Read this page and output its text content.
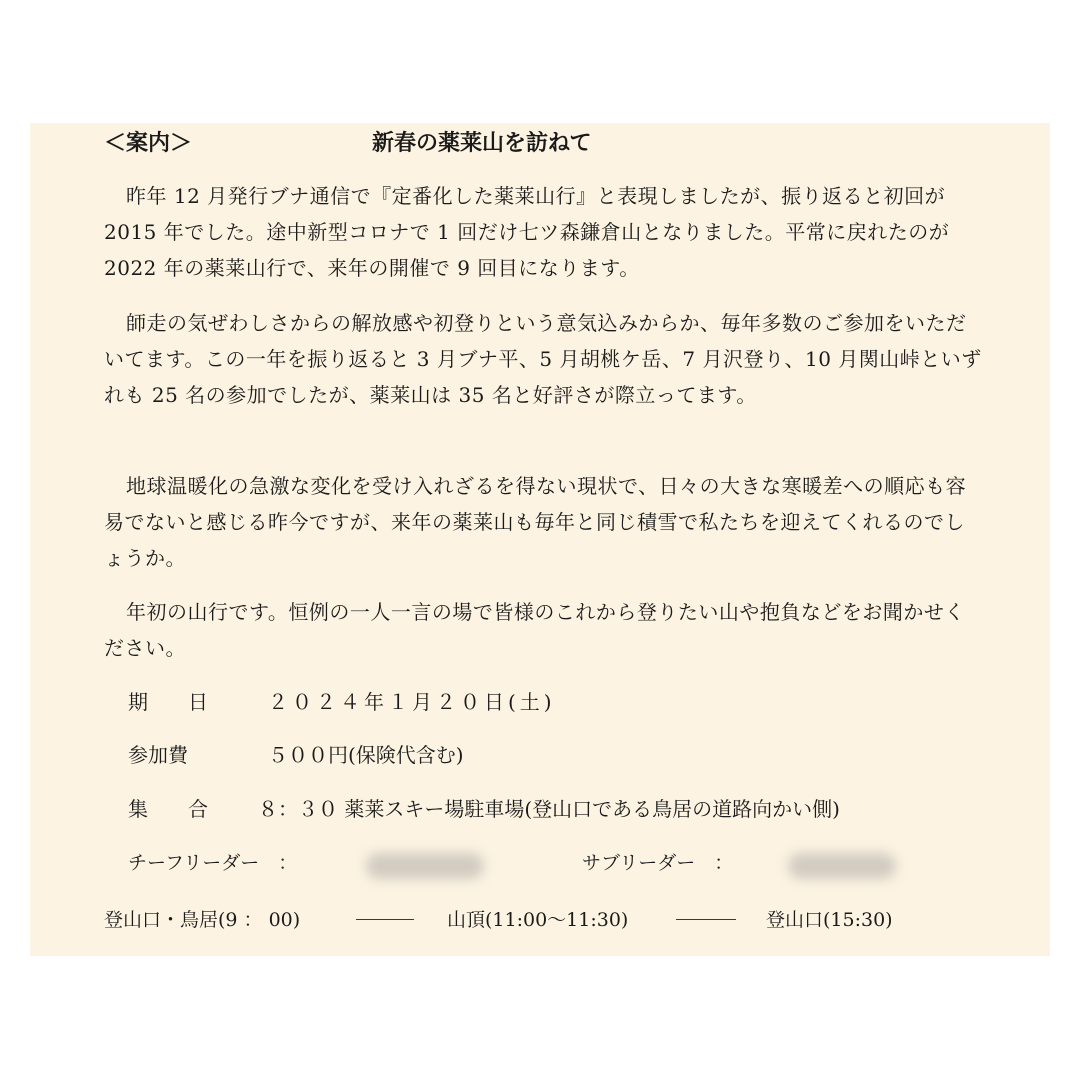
＜案内＞	新春の薬莱山を訪ねて

昨年 12 月発行ブナ通信で『定番化した薬莱山行』と表現しましたが、振り返ると初回が 2015 年でした。途中新型コロナで 1 回だけ七ツ森鎌倉山となりました。平常に戻れたのが 2022 年の薬莱山行で、来年の開催で 9 回目になります。

師走の気ぜわしさからの解放感や初登りという意気込みからか、毎年多数のご参加をいただいてます。この一年を振り返ると 3 月ブナ平、5 月胡桃ケ岳、7 月沢登り、10 月関山峠といずれも 25 名の参加でしたが、薬莱山は 35 名と好評さが際立ってます。

地球温暖化の急激な変化を受け入れざるを得ない現状で、日々の大きな寒暖差への順応も容易でないと感じる昨今ですが、来年の薬莱山も毎年と同じ積雪で私たちを迎えてくれるのでしょうか。

年初の山行です。恒例の一人一言の場で皆様のこれから登りたい山や抱負などをお聞かせください。

期　　日	２０２４年１月２０日(土)
参加費	５００円(保険代含む)
集　　合	８：３０ 薬莱スキー場駐車場(登山口である鳥居の道路向かい側)
チーフリーダー　：	サブリーダー　：
登山口・鳥居(9 ： 00)	山頂(11:00〜11:30)	登山口(15:30)
